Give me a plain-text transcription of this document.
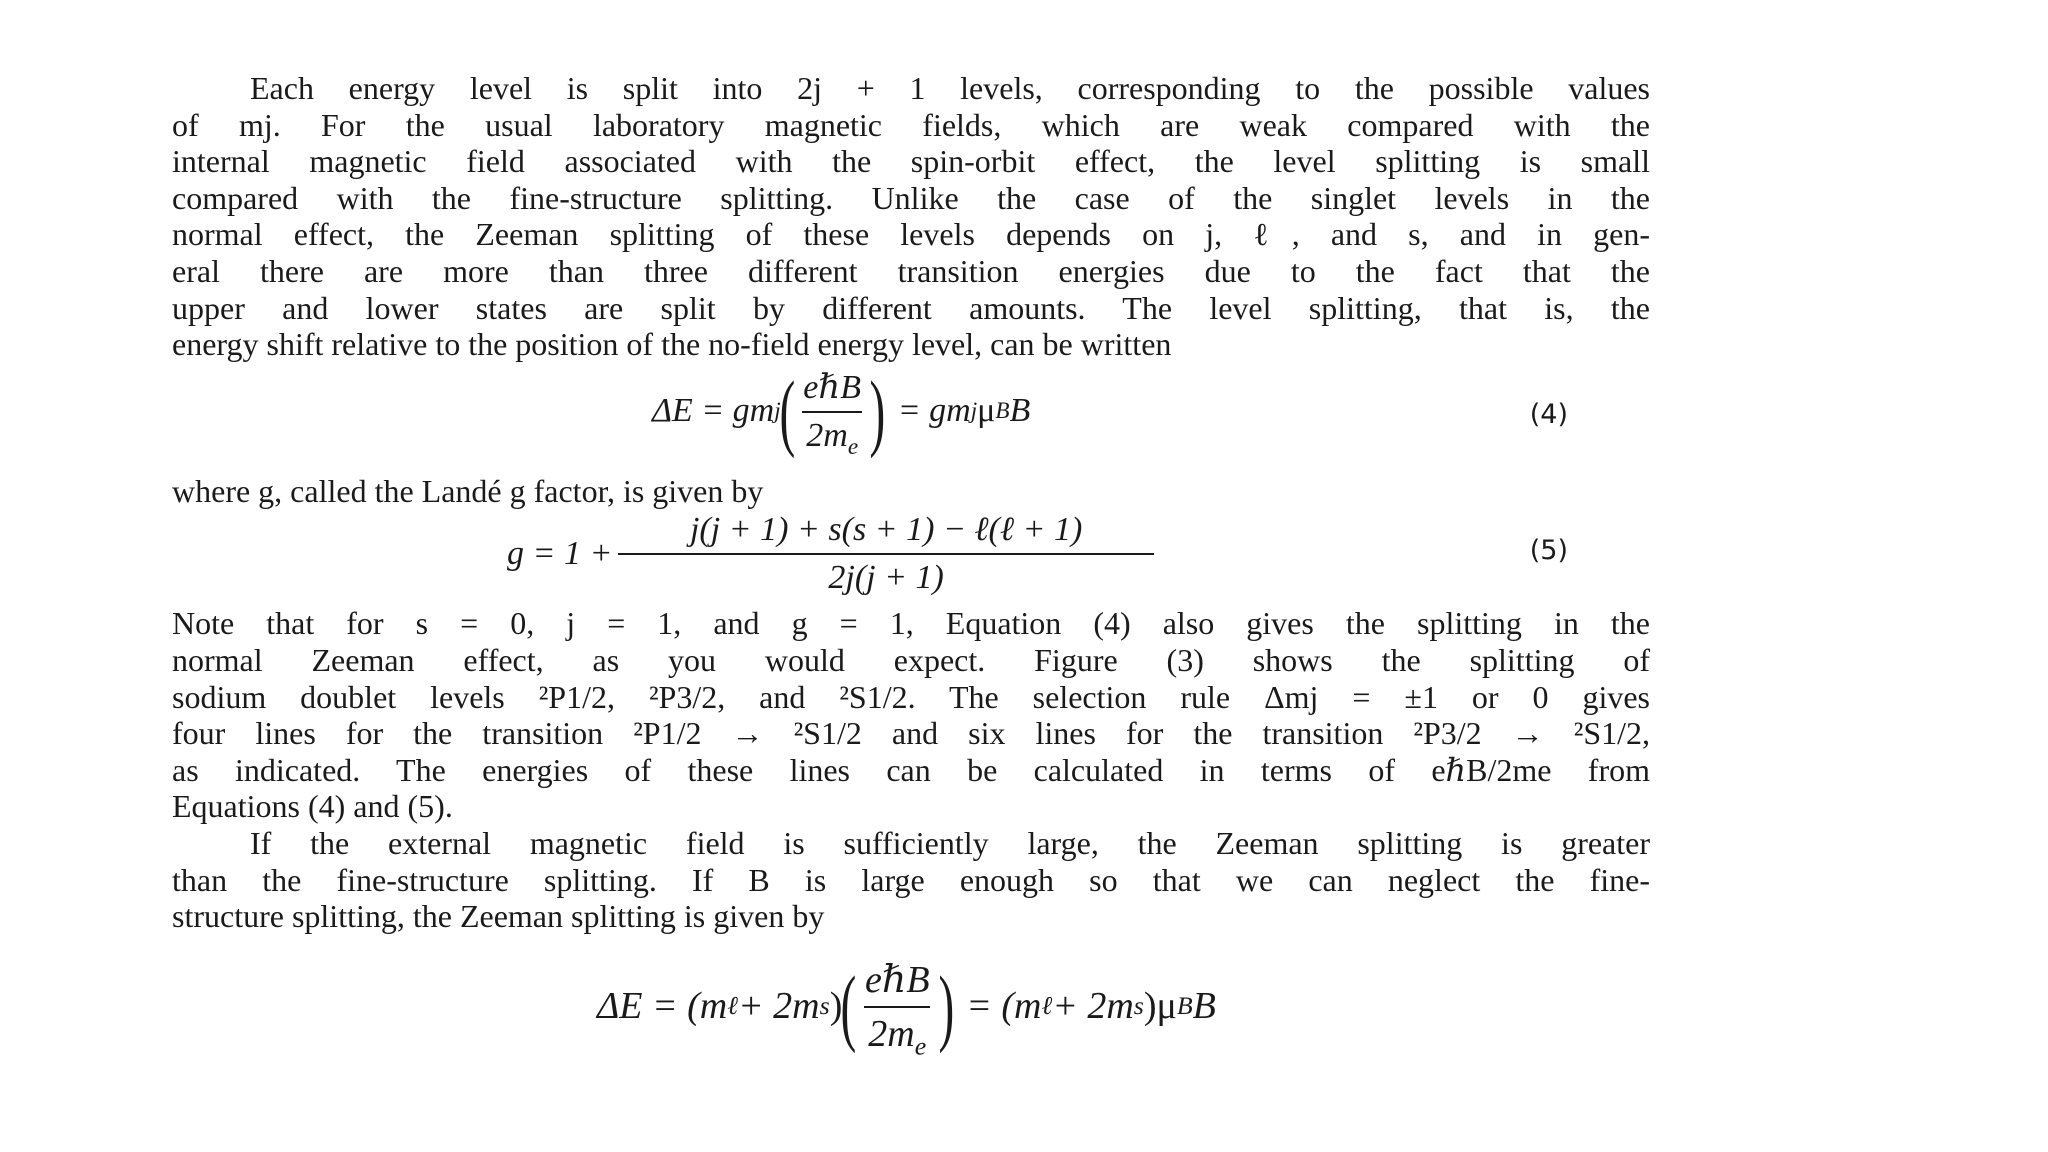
Each energy level is split into 2j + 1 levels, corresponding to the possible values
of mj. For the usual laboratory magnetic fields, which are weak compared with the
internal magnetic field associated with the spin-orbit effect, the level splitting is small
compared with the fine-structure splitting. Unlike the case of the singlet levels in the
normal effect, the Zeeman splitting of these levels depends on j, ℓ, and s, and in gen-
eral there are more than three different transition energies due to the fact that the
upper and lower states are split by different amounts. The level splitting, that is, the
energy shift relative to the position of the no-field energy level, can be written

ΔE = gm j
( $\frac{\text{eℏB}}{2m_e}$ ) = gm j μ B B	(4)

where g, called the Landé g factor, is given by

$g = 1 + \frac{\text{j(j + 1) + s(s + 1) − ℓ(ℓ + 1)}}{2j(j + 1)}$	(5)

Note that for s = 0, j = 1, and g = 1, Equation (4) also gives the splitting in the
normal Zeeman effect, as you would expect. Figure (3) shows the splitting of
sodium doublet levels ²P1/2, ²P3/2, and ²S1/2. The selection rule Δmj = ±1 or 0 gives
four lines for the transition ²P1/2 → ²S1/2 and six lines for the transition ²P3/2 → ²S1/2,
as indicated. The energies of these lines can be calculated in terms of eℏB/2me from
Equations (4) and (5).

If the external magnetic field is sufficiently large, the Zeeman splitting is greater
than the fine-structure splitting. If B is large enough so that we can neglect the fine-
structure splitting, the Zeeman splitting is given by

ΔE = (m ℓ + 2m s )
( $\frac{\text{eℏB}}{2m_e}$ ) = (m ℓ + 2m s )μ B B
